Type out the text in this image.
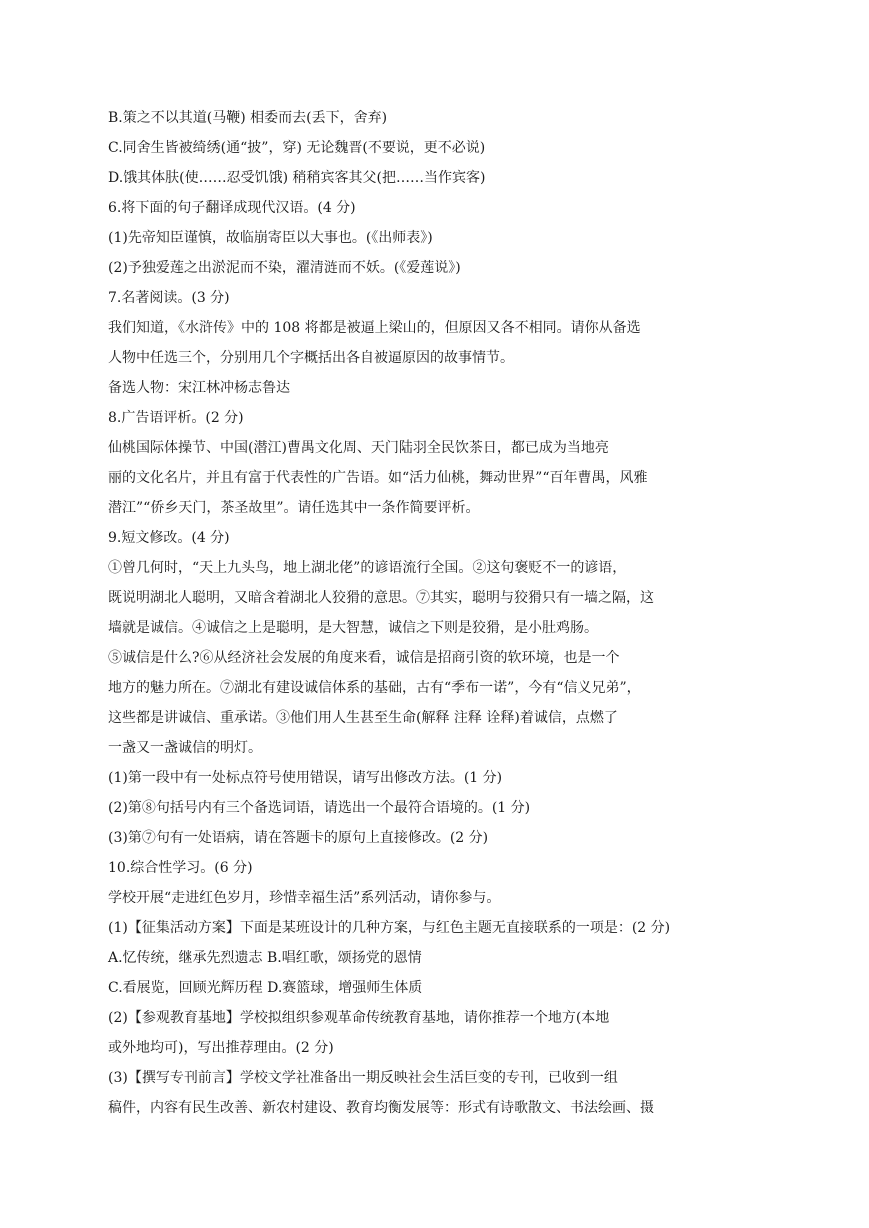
B.策之不以其道(马鞭) 相委而去(丢下，舍弃)
C.同舍生皆被绮绣(通“披”，穿) 无论魏晋(不要说，更不必说)
D.饿其体肤(使……忍受饥饿) 稍稍宾客其父(把……当作宾客)
6.将下面的句子翻译成现代汉语。(4 分)
(1)先帝知臣谨慎，故临崩寄臣以大事也。(《出师表》)
(2)予独爱莲之出淤泥而不染，濯清涟而不妖。(《爱莲说》)
7.名著阅读。(3 分)
我们知道，《水浒传》中的 108 将都是被逼上梁山的，但原因又各不相同。请你从备选
人物中任选三个，分别用几个字概括出各自被逼原因的故事情节。
备选人物：宋江林冲杨志鲁达
8.广告语评析。(2 分)
仙桃国际体操节、中国(潜江)曹禺文化周、天门陆羽全民饮茶日，都已成为当地亮
丽的文化名片，并且有富于代表性的广告语。如“活力仙桃，舞动世界”“百年曹禺，风雅
潜江”“侨乡天门，茶圣故里”。请任选其中一条作简要评析。
9.短文修改。(4 分)
①曾几何时，“天上九头鸟，地上湖北佬”的谚语流行全国。②这句褒贬不一的谚语，
既说明湖北人聪明，又暗含着湖北人狡猾的意思。⑦其实，聪明与狡猾只有一墙之隔，这
墙就是诚信。④诚信之上是聪明，是大智慧，诚信之下则是狡猾，是小肚鸡肠。
⑤诚信是什么?⑥从经济社会发展的角度来看，诚信是招商引资的软环境，也是一个
地方的魅力所在。⑦湖北有建设诚信体系的基础，古有“季布一诺”，今有“信义兄弟”，
这些都是讲诚信、重承诺。③他们用人生甚至生命(解释 注释 诠释)着诚信，点燃了
一盏又一盏诚信的明灯。
(1)第一段中有一处标点符号使用错误，请写出修改方法。(1 分)
(2)第⑧句括号内有三个备选词语，请选出一个最符合语境的。(1 分)
(3)第⑦句有一处语病，请在答题卡的原句上直接修改。(2 分)
10.综合性学习。(6 分)
学校开展“走进红色岁月，珍惜幸福生活”系列活动，请你参与。
(1)【征集活动方案】下面是某班设计的几种方案，与红色主题无直接联系的一项是：(2 分)
A.忆传统，继承先烈遗志 B.唱红歌，颂扬党的恩情
C.看展览，回顾光辉历程 D.赛篮球，增强师生体质
(2)【参观教育基地】学校拟组织参观革命传统教育基地，请你推荐一个地方(本地
或外地均可)，写出推荐理由。(2 分)
(3)【撰写专刊前言】学校文学社准备出一期反映社会生活巨变的专刊，已收到一组
稿件，内容有民生改善、新农村建设、教育均衡发展等：形式有诗歌散文、书法绘画、摄
